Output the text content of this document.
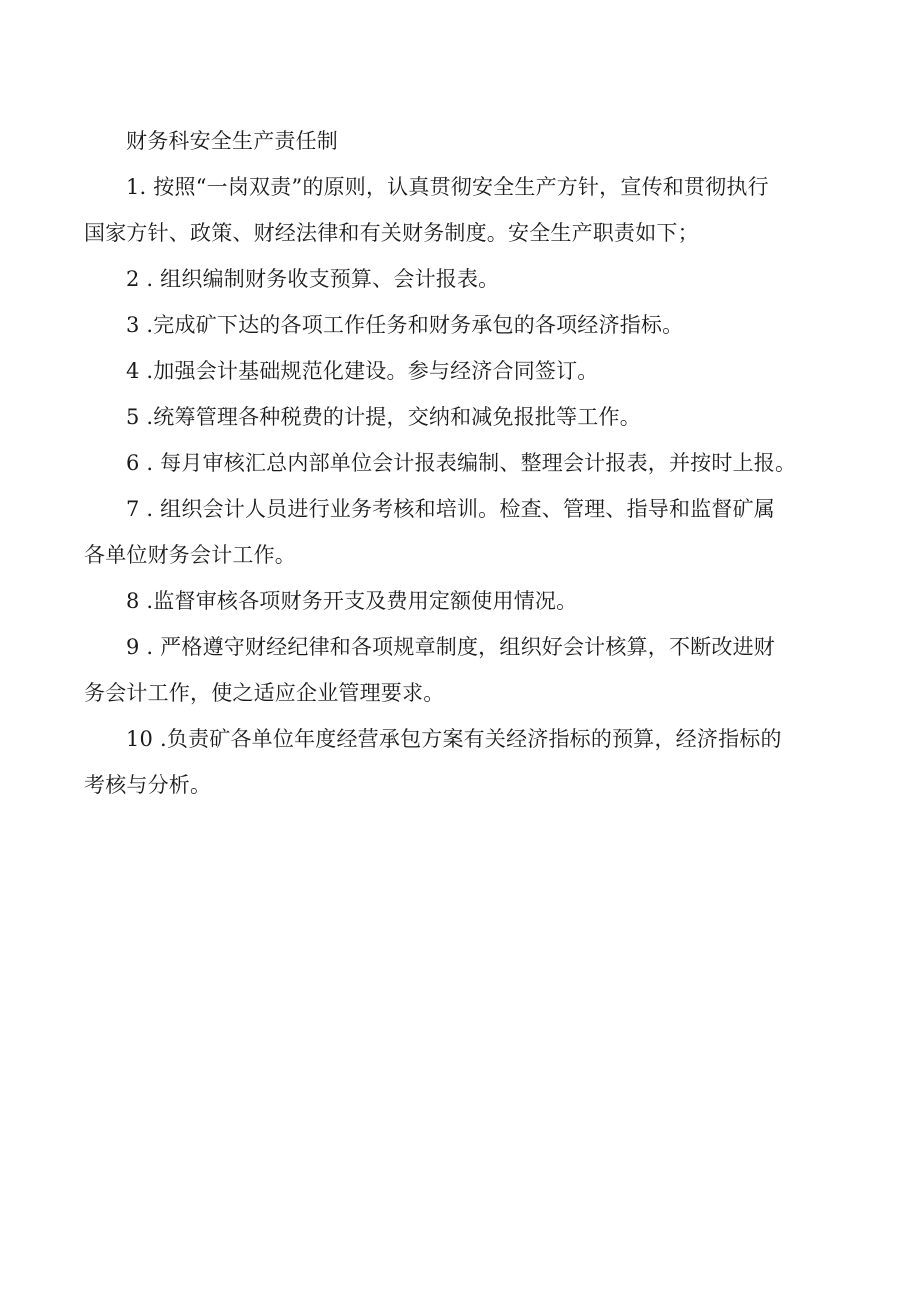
财务科安全生产责任制
1. 按照“一岗双责”的原则，认真贯彻安全生产方针，宣传和贯彻执行
国家方针、政策、财经法律和有关财务制度。安全生产职责如下；
2 . 组织编制财务收支预算、会计报表。
3 .完成矿下达的各项工作任务和财务承包的各项经济指标。
4 .加强会计基础规范化建设。参与经济合同签订。
5 .统筹管理各种税费的计提，交纳和减免报批等工作。
6 . 每月审核汇总内部单位会计报表编制、整理会计报表，并按时上报。
7 . 组织会计人员进行业务考核和培训。检查、管理、指导和监督矿属
各单位财务会计工作。
8 .监督审核各项财务开支及费用定额使用情况。
9 . 严格遵守财经纪律和各项规章制度，组织好会计核算，不断改进财
务会计工作，使之适应企业管理要求。
10 .负责矿各单位年度经营承包方案有关经济指标的预算，经济指标的
考核与分析。
